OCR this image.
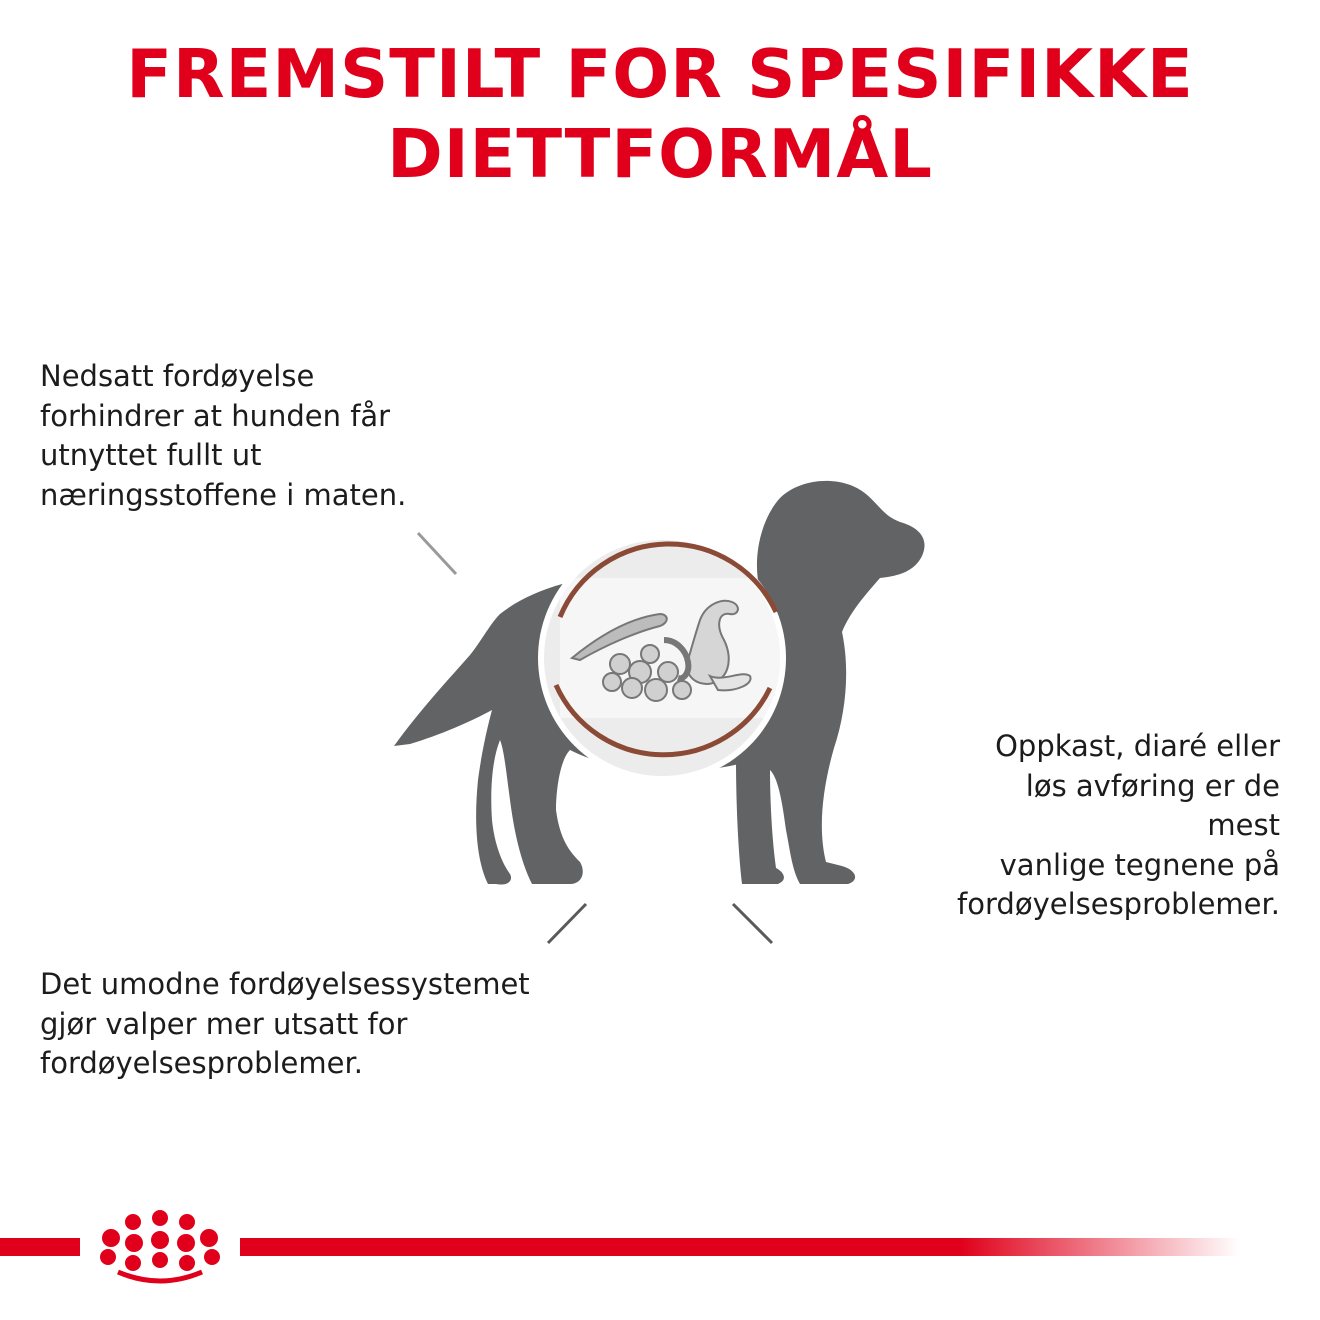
FREMSTILT FOR SPESIFIKKE
DIETTFORMÅL

Nedsatt fordøyelse
forhindrer at hunden får
utnyttet fullt ut
næringsstoffene i maten.

Oppkast, diaré eller
løs avføring er de
mest
vanlige tegnene på
fordøyelsesproblemer.

Det umodne fordøyelsessystemet
gjør valper mer utsatt for
fordøyelsesproblemer.
